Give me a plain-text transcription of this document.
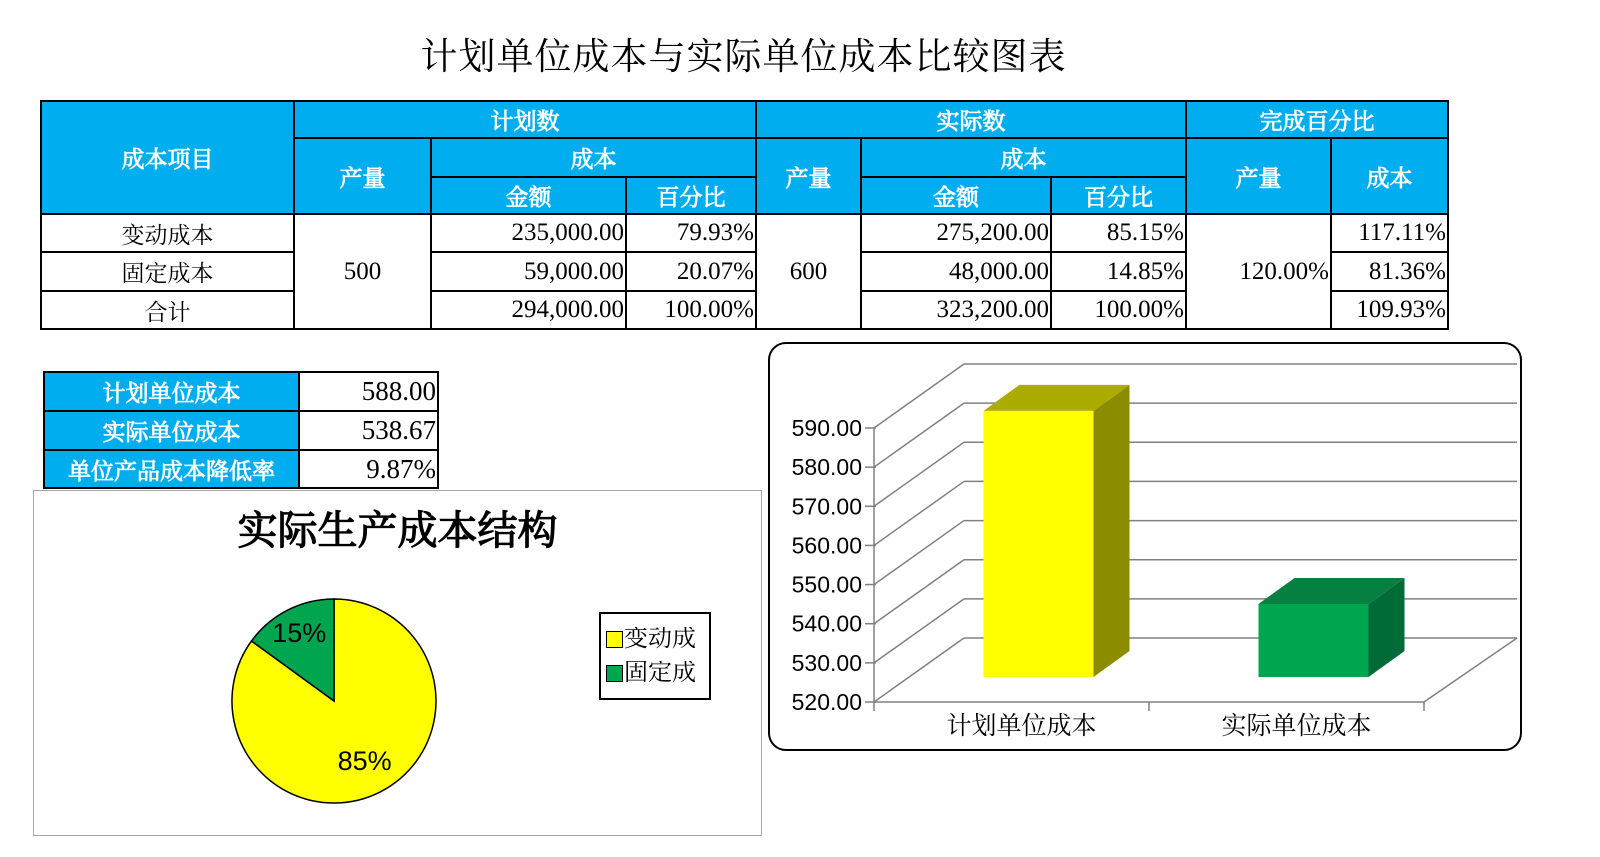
计划单位成本与实际单位成本比较图表
成本项目	计划数			实际数			完成百分比	
	产量	成本		产量	成本		产量	成本
		金额	百分比		金额	百分比		
变动成本	500	235,000.00	79.93%	600	275,200.00	85.15%	120.00%	117.11%
固定成本		59,000.00	20.07%		48,000.00	14.85%		81.36%
合计		294,000.00	100.00%		323,200.00	100.00%		109.93%
计划单位成本	588.00
实际单位成本	538.67
单位产品成本降低率	9.87%
实际生产成本结构
85%
15%	变动成
固定成
520.00
530.00
540.00
550.00
560.00
570.00
580.00
590.00
计划单位成本	实际单位成本
